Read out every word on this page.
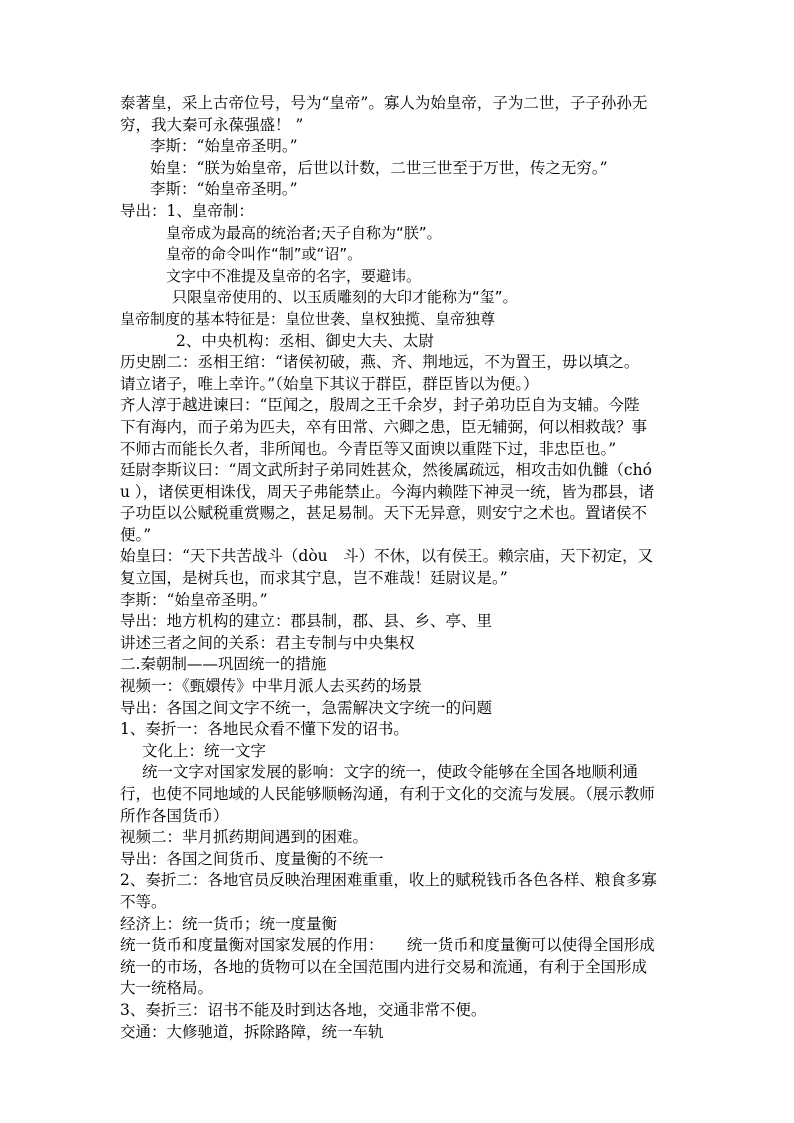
泰著皇，采上古帝位号，号为“皇帝”。寡人为始皇帝，子为二世，子子孙孙无
穷，我大秦可永葆强盛！ ”
李斯：“始皇帝圣明。”
始皇：“朕为始皇帝，后世以计数，二世三世至于万世，传之无穷。”
李斯：“始皇帝圣明。”
导出：1、皇帝制：
皇帝成为最高的统治者;天子自称为“朕”。
皇帝的命令叫作“制”或“诏”。
文字中不准提及皇帝的名字，要避讳。
只限皇帝使用的、以玉质雕刻的大印才能称为“玺”。
皇帝制度的基本特征是：皇位世袭、皇权独揽、皇帝独尊
2、中央机构：丞相、御史大夫、太尉
历史剧二：丞相王绾：“诸侯初破，燕、齐、荆地远，不为置王，毋以填之。
请立诸子，唯上幸许。”（始皇下其议于群臣，群臣皆以为便。）
齐人淳于越进谏曰：“臣闻之，殷周之王千余岁，封子弟功臣自为支辅。今陛
下有海内，而子弟为匹夫，卒有田常、六卿之患，臣无辅弼，何以相救哉？事
不师古而能长久者，非所闻也。今青臣等又面谀以重陛下过，非忠臣也。”
廷尉李斯议曰：“周文武所封子弟同姓甚众，然後属疏远，相攻击如仇雠（chó
u ），诸侯更相诛伐，周天子弗能禁止。今海内赖陛下神灵一统，皆为郡县，诸
子功臣以公赋税重赏赐之，甚足易制。天下无异意，则安宁之术也。置诸侯不
便。”
始皇曰：“天下共苦战斗（dòu　斗）不休，以有侯王。赖宗庙，天下初定，又
复立国，是树兵也，而求其宁息，岂不难哉！廷尉议是。”
李斯：“始皇帝圣明。”
导出：地方机构的建立：郡县制，郡、县、乡、亭、里
讲述三者之间的关系：君主专制与中央集权
二.秦朝制——巩固统一的措施
视频一：《甄嬛传》中芈月派人去买药的场景
导出：各国之间文字不统一，急需解决文字统一的问题
1、奏折一：各地民众看不懂下发的诏书。
文化上：统一文字
统一文字对国家发展的影响：文字的统一，使政令能够在全国各地顺利通
行，也使不同地域的人民能够顺畅沟通，有利于文化的交流与发展。（展示教师
所作各国货币）
视频二：芈月抓药期间遇到的困难。
导出：各国之间货币、度量衡的不统一
2、奏折二：各地官员反映治理困难重重，收上的赋税钱币各色各样、粮食多寡
不等。
经济上：统一货币；统一度量衡
统一货币和度量衡对国家发展的作用：　　统一货币和度量衡可以使得全国形成
统一的市场，各地的货物可以在全国范围内进行交易和流通，有利于全国形成
大一统格局。
3、奏折三：诏书不能及时到达各地，交通非常不便。
交通：大修驰道，拆除路障，统一车轨
